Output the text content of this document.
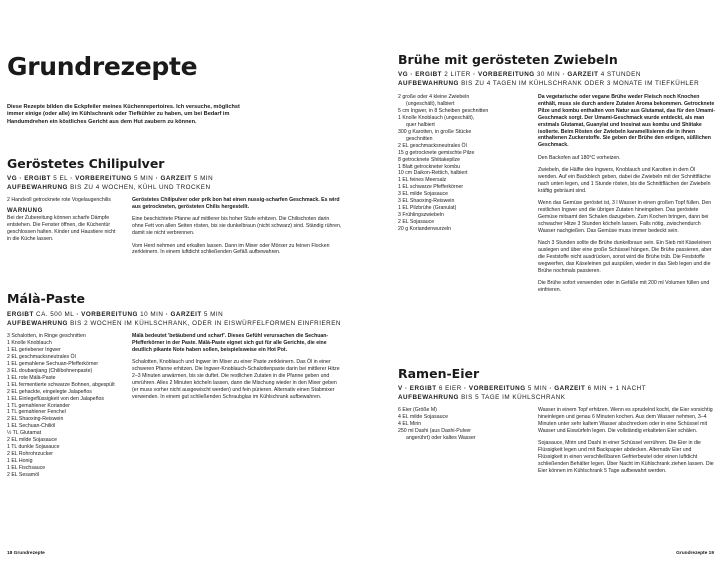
Grundrezepte
Diese Rezepte bilden die Eckpfeiler meines Küchenrepertoires. Ich versuche, möglichst immer einige (oder alle) im Kühlschrank oder Tiefkühler zu haben, um bei Bedarf im Handumdrehen ein köstliches Gericht aus dem Hut zaubern zu können.
Geröstetes Chilipulver
VG · ERGIBT 5 EL · VORBEREITUNG 5 MIN · GARZEIT 5 MIN
AUFBEWAHRUNG BIS ZU 4 WOCHEN, KÜHL UND TROCKEN
2 Handvoll getrocknete rote Vogelaugenchilis
WARNUNG
Bei der Zubereitung können scharfe Dämpfe entstehen. Die Fenster öffnen, die Küchentür geschlossen halten. Kinder und Haustiere nicht in die Küche lassen.

Geröstetes Chilipulver oder prik bon hat einen nussig-scharfen Geschmack. Es wird aus getrockneten, gerösteten Chilis hergestellt.

Eine beschichtete Pfanne auf mittlerer bis hoher Stufe erhitzen. Die Chilischoten darin ohne Fett von allen Seiten rösten, bis sie dunkelbraun (nicht schwarz) sind. Ständig rühren, damit sie nicht verbrennen.

Vom Herd nehmen und erkalten lassen. Dann im Mixer oder Mörser zu feinen Flocken zerkleinern. In einem luftdicht schließenden Gefäß aufbewahren.

Málà-Paste
ERGIBT CA. 500 ML · VORBEREITUNG 10 MIN · GARZEIT 5 MIN
AUFBEWAHRUNG BIS 2 WOCHEN IM KÜHLSCHRANK, ODER IN EISWÜRFELFORMEN EINFRIEREN
3 Schalotten, in Ringe geschnitten
1 Knolle Knoblauch
1 EL geriebener Ingwer
2 EL geschmacksneutrales Öl
1 EL gemahlene Sechuan-Pfefferkörner
3 EL doubanjiang (Chilibohnenpaste)
1 EL rote Málà-Paste
1 EL fermentierte schwarze Bohnen, abgespült
2 EL gehackte, eingelegte Jalapeños
1 EL Einlegeflüssigkeit von den Jalapeños
1 TL gemahlener Koriander
1 TL gemahlener Fenchel
2 EL Shaoxing-Reiswein
1 EL Sechuan-Chiliöl
½ TL Glutamat
2 EL milde Sojasauce
1 TL dunkle Sojasauce
2 EL Rohrohrzucker
1 EL Honig
1 EL Fischsauce
2 EL Sesamöl

Málà bedeutet 'betäubend und scharf'. Dieses Gefühl verursachen die Sechuan-Pfefferkörner in der Paste. Málà-Paste eignet sich gut für alle Gerichte, die eine deutlich pikante Note haben sollen, beispielsweise ein Hot Pot.

Schalotten, Knoblauch und Ingwer im Mixer zu einer Paste zerkleinern. Das Öl in einer schweren Pfanne erhitzen. Die Ingwer-Knoblauch-Schalottenpaste darin bei mittlerer Hitze 2–3 Minuten anwärmen, bis sie duftet. Die restlichen Zutaten in die Pfanne geben und umrühren. Alles 2 Minuten köcheln lassen, dann die Mischung wieder in den Mixer geben (er muss vorher nicht ausgewischt werden) und fein pürieren. Alternativ einen Stabmixer verwenden. In einem gut schließenden Schraubglas im Kühlschrank aufbewahren.

18 Grundrezepte
Brühe mit gerösteten Zwiebeln
VG · ERGIBT 2 LITER · VORBEREITUNG 30 MIN · GARZEIT 4 STUNDEN
AUFBEWAHRUNG BIS ZU 4 TAGEN IM KÜHLSCHRANK ODER 3 MONATE IM TIEFKÜHLER
2 große oder 4 kleine Zwiebeln
(ungeschält), halbiert
5 cm Ingwer, in 8 Scheiben geschnitten
1 Knolle Knoblauch (ungeschält),
quer halbiert
300 g Karotten, in große Stücke
geschnitten
2 EL geschmacksneutrales Öl
15 g getrocknete gemischte Pilze
8 getrocknete Shiitakepilze
1 Blatt getrockneter kombu
10 cm Daikon-Rettich, halbiert
1 EL feines Meersalz
1 EL schwarze Pfefferkörner
3 EL milde Sojasauce
3 EL Shaoxing-Reiswein
1 EL Pilzbrühe (Granulat)
3 Frühlingszwiebeln
2 EL Sojasauce
20 g Koriandenwurzeln

Da vegetarische oder vegane Brühe weder Fleisch noch Knochen enthält, muss sie durch andere Zutaten Aroma bekommen. Getrocknete Pilze und kombu enthalten von Natur aus Glutamat, das für den Umami-Geschmack sorgt. Der Umami-Geschmack wurde entdeckt, als man erstmals Glutamat, Guanylat und Inosinat aus kombu und Shiitake isolierte. Beim Rösten der Zwiebeln karamellisieren die in ihnen enthaltenen Zuckerstoffe. Sie geben der Brühe den erdigen, süßlichen Geschmack.

Den Backofen auf 180°C vorheizen.

Zwiebeln, die Hälfte des Ingwers, Knoblauch und Karotten in dem Öl wenden. Auf ein Backblech geben, dabei die Zwiebeln mit der Schnittfläche nach unten legen, und 1 Stunde rösten, bis die Schnittflächen der Zwiebeln kräftig gebräunt sind.

Wenn das Gemüse geröstet ist, 3 l Wasser in einen großen Topf füllen. Den restlichen Ingwer und die übrigen Zutaten hineingeben. Das geröstete Gemüse mitsamt den Schalen dazugeben. Zum Kochen bringen, dann bei schwacher Hitze 3 Stunden köcheln lassen. Falls nötig, zwischendurch Wasser nachgießen. Das Gemüse muss immer bedeckt sein.

Nach 3 Stunden sollte die Brühe dunkelbraun sein. Ein Sieb mit Käseleinen auslegen und über eine große Schüssel hängen. Die Brühe passieren, aber die Feststoffe nicht ausdrücken, sonst wird die Brühe trüb. Die Feststoffe wegwerfen, das Käseleinen gut auspülen, wieder in das Sieb legen und die Brühe nochmals passieren.

Die Brühe sofort verwenden oder in Gefäße mit 200 ml Volumen füllen und einfrieren.

Ramen-Eier
V · ERGIBT 6 EIER · VORBEREITUNG 5 MIN · GARZEIT 6 MIN + 1 NACHT
AUFBEWAHRUNG BIS 5 TAGE IM KÜHLSCHRANK
6 Eier (Größe M)
4 EL milde Sojasauce
4 EL Mirin
250 ml Dashi (aus Dashi-Pulver
angerührt) oder kaltes Wasser

Wasser in einem Topf erhitzen. Wenn es sprudelnd kocht, die Eier vorsichtig hineinlegen und genau 6 Minuten kochen. Aus dem Wasser nehmen, 3–4 Minuten unter sehr kaltem Wasser abschrecken oder in eine Schüssel mit Wasser und Eiswürfeln legen. Die vollständig erkalteten Eier schälen.

Sojasauce, Mirin und Dashi in einer Schüssel verrühren. Die Eier in die Flüssigkeit legen und mit Backpapier abdecken. Alternativ Eier und Flüssigkeit in einen verschließbaren Gefrierbeutel oder einen luftdicht schließenden Behälter legen. Über Nacht im Kühlschrank ziehen lassen. Die Eier können im Kühlschrank 5 Tage aufbewahrt werden.

Grundrezepte 19
